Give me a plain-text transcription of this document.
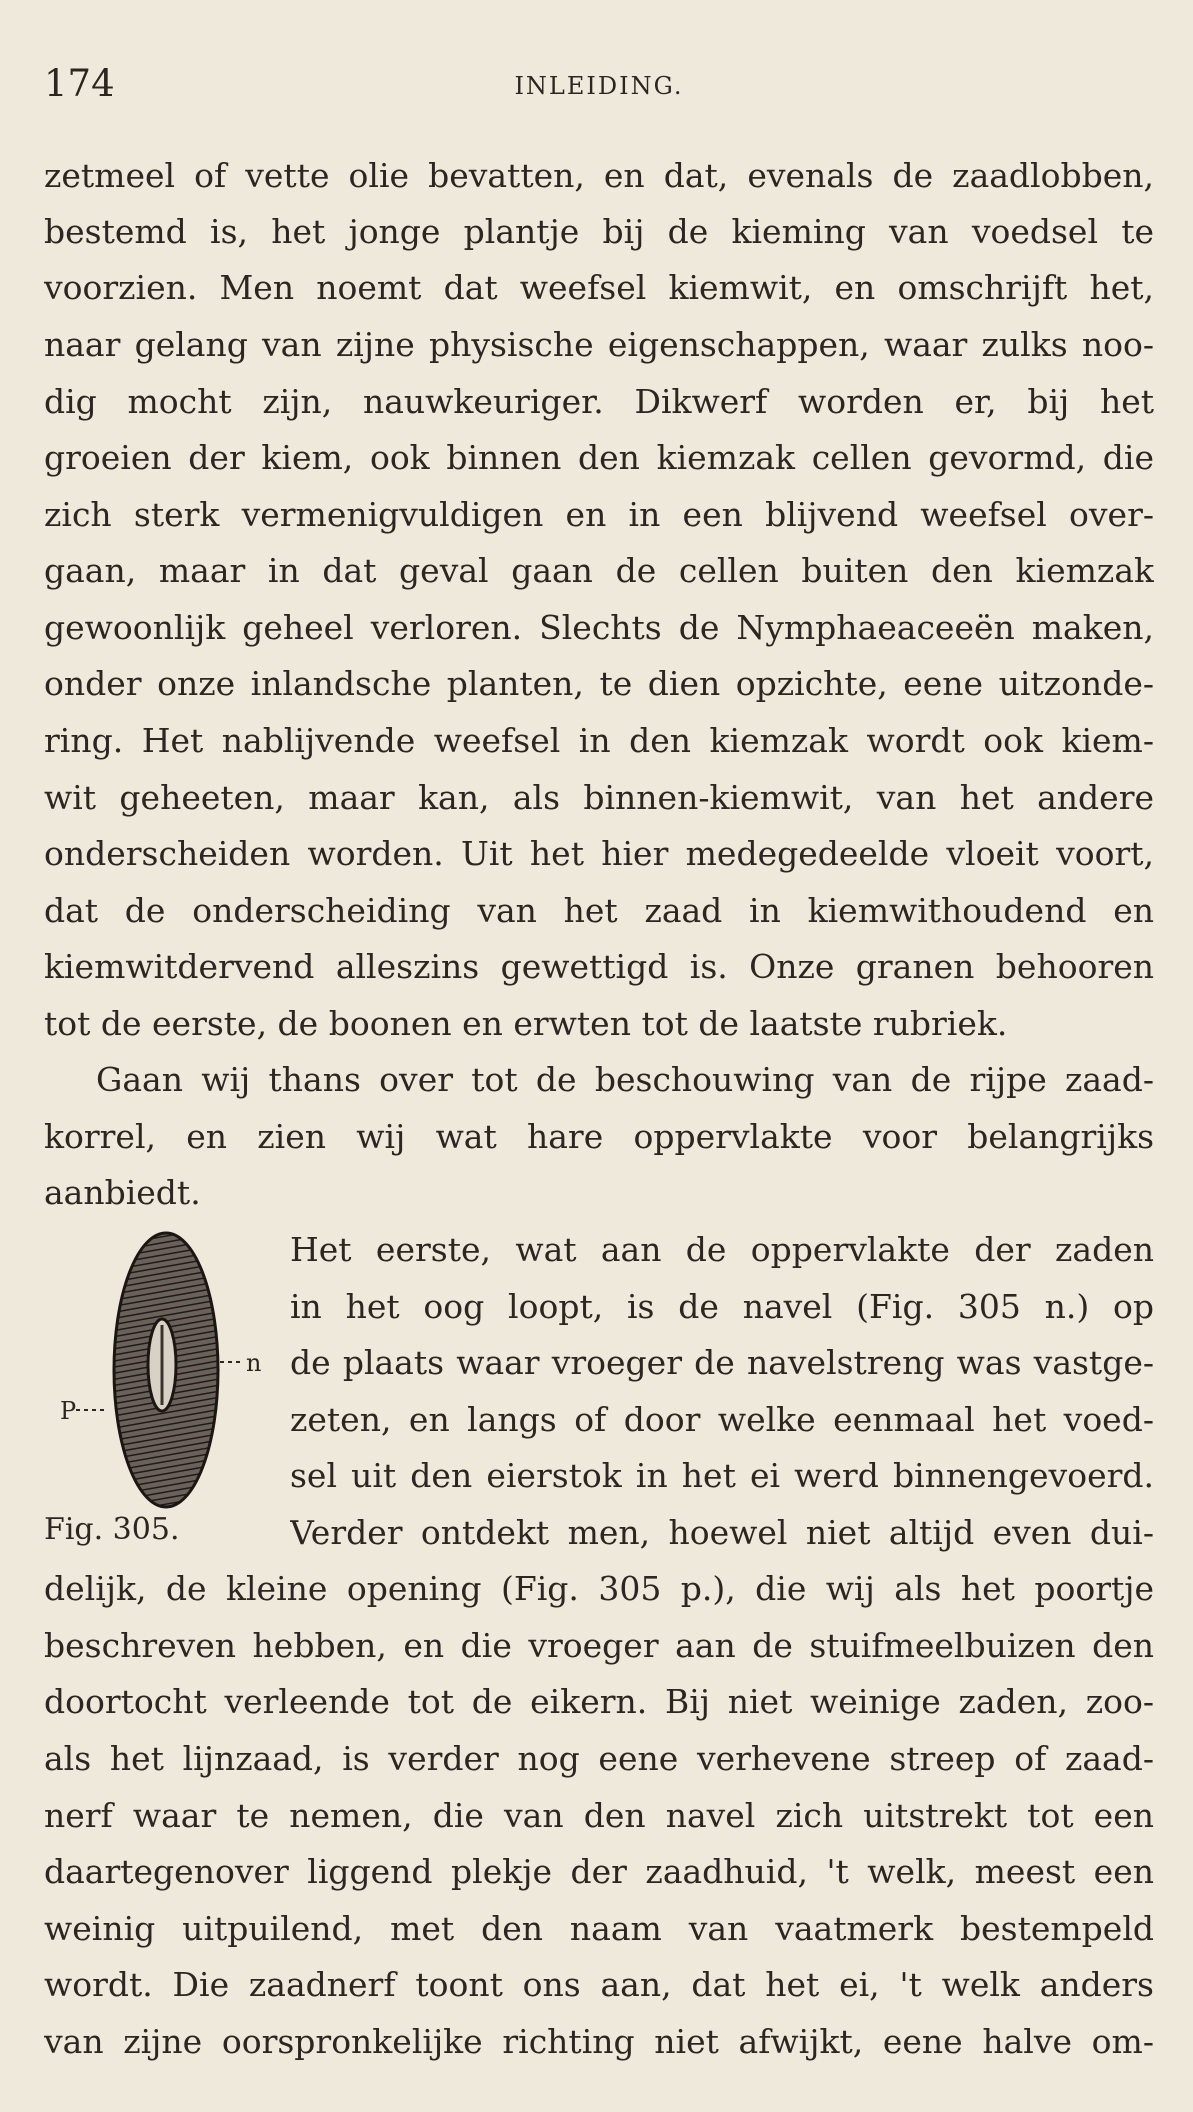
174	INLEIDING.
zetmeel of vette olie bevatten, en dat, evenals de zaadlobben,
bestemd is, het jonge plantje bij de kieming van voedsel te
voorzien. Men noemt dat weefsel kiemwit, en omschrijft het,
naar gelang van zijne physische eigenschappen, waar zulks noo-
dig mocht zijn, nauwkeuriger. Dikwerf worden er, bij het
groeien der kiem, ook binnen den kiemzak cellen gevormd, die
zich sterk vermenigvuldigen en in een blijvend weefsel over-
gaan, maar in dat geval gaan de cellen buiten den kiemzak
gewoonlijk geheel verloren. Slechts de Nymphaeaceeën maken,
onder onze inlandsche planten, te dien opzichte, eene uitzonde-
ring. Het nablijvende weefsel in den kiemzak wordt ook kiem-
wit geheeten, maar kan, als binnen-kiemwit, van het andere
onderscheiden worden. Uit het hier medegedeelde vloeit voort,
dat de onderscheiding van het zaad in kiemwithoudend en
kiemwitdervend alleszins gewettigd is. Onze granen behooren
tot de eerste, de boonen en erwten tot de laatste rubriek.
Gaan wij thans over tot de beschouwing van de rijpe zaad-
korrel, en zien wij wat hare oppervlakte voor belangrijks
aanbiedt.
Het eerste, wat aan de oppervlakte der zaden
in het oog loopt, is de navel (Fig. 305 n.) op
de plaats waar vroeger de navelstreng was vastge-
zeten, en langs of door welke eenmaal het voed-
sel uit den eierstok in het ei werd binnengevoerd.
Verder ontdekt men, hoewel niet altijd even dui-
delijk, de kleine opening (Fig. 305 p.), die wij als het poortje
beschreven hebben, en die vroeger aan de stuifmeelbuizen den
doortocht verleende tot de eikern. Bij niet weinige zaden, zoo-
als het lijnzaad, is verder nog eene verhevene streep of zaad-
nerf waar te nemen, die van den navel zich uitstrekt tot een
daartegenover liggend plekje der zaadhuid, 't welk, meest een
weinig uitpuilend, met den naam van vaatmerk bestempeld
wordt. Die zaadnerf toont ons aan, dat het ei, 't welk anders
van zijne oorspronkelijke richting niet afwijkt, eene halve om-
n
P
Fig. 305.
